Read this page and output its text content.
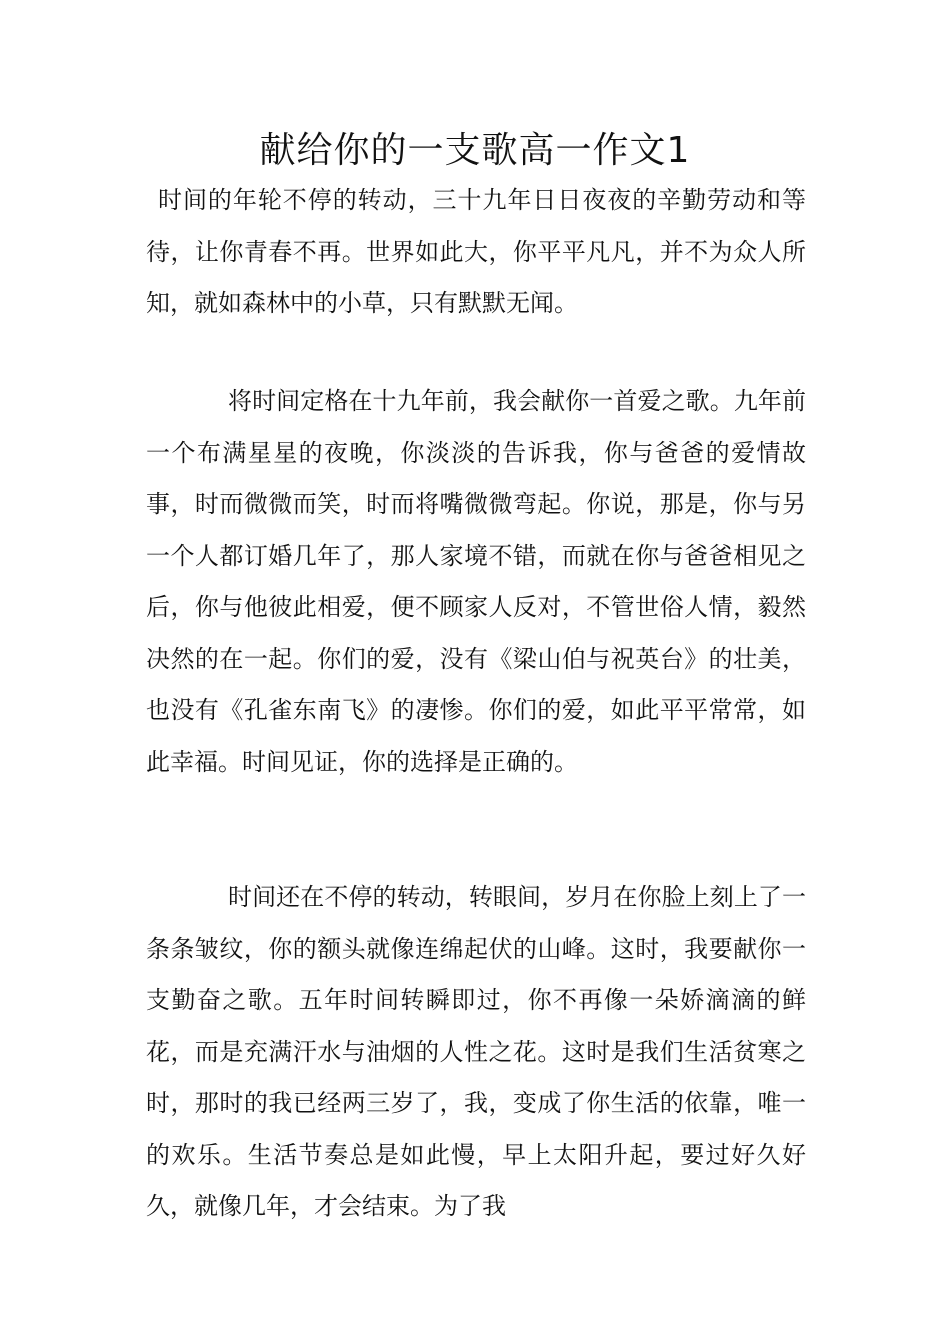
献给你的一支歌高一作文1

时间的年轮不停的转动，三十九年日日夜夜的辛勤劳动和等待，让你青春不再。世界如此大，你平平凡凡，并不为众人所知，就如森林中的小草，只有默默无闻。

将时间定格在十九年前，我会献你一首爱之歌。九年前一个布满星星的夜晚，你淡淡的告诉我，你与爸爸的爱情故事，时而微微而笑，时而将嘴微微弯起。你说，那是，你与另一个人都订婚几年了，那人家境不错，而就在你与爸爸相见之后，你与他彼此相爱，便不顾家人反对，不管世俗人情，毅然决然的在一起。你们的爱，没有《梁山伯与祝英台》的壮美，也没有《孔雀东南飞》的凄惨。你们的爱，如此平平常常，如此幸福。时间见证，你的选择是正确的。

时间还在不停的转动，转眼间，岁月在你脸上刻上了一条条皱纹，你的额头就像连绵起伏的山峰。这时，我要献你一支勤奋之歌。五年时间转瞬即过，你不再像一朵娇滴滴的鲜花，而是充满汗水与油烟的人性之花。这时是我们生活贫寒之时，那时的我已经两三岁了，我，变成了你生活的依靠，唯一的欢乐。生活节奏总是如此慢，早上太阳升起，要过好久好久，就像几年，才会结束。为了我
